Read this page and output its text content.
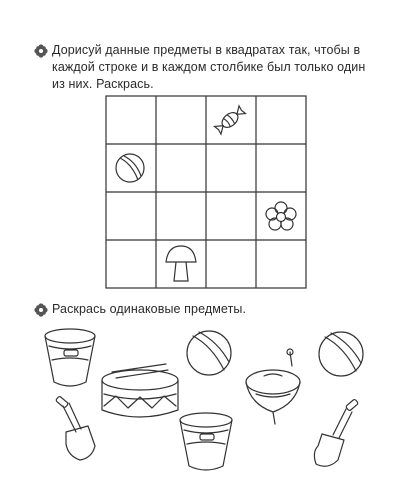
Дорисуй данные предметы в квадратах так, чтобы в каждой строке и в каждом столбике был только один из них. Раскрась.
Раскрась одинаковые предметы.
